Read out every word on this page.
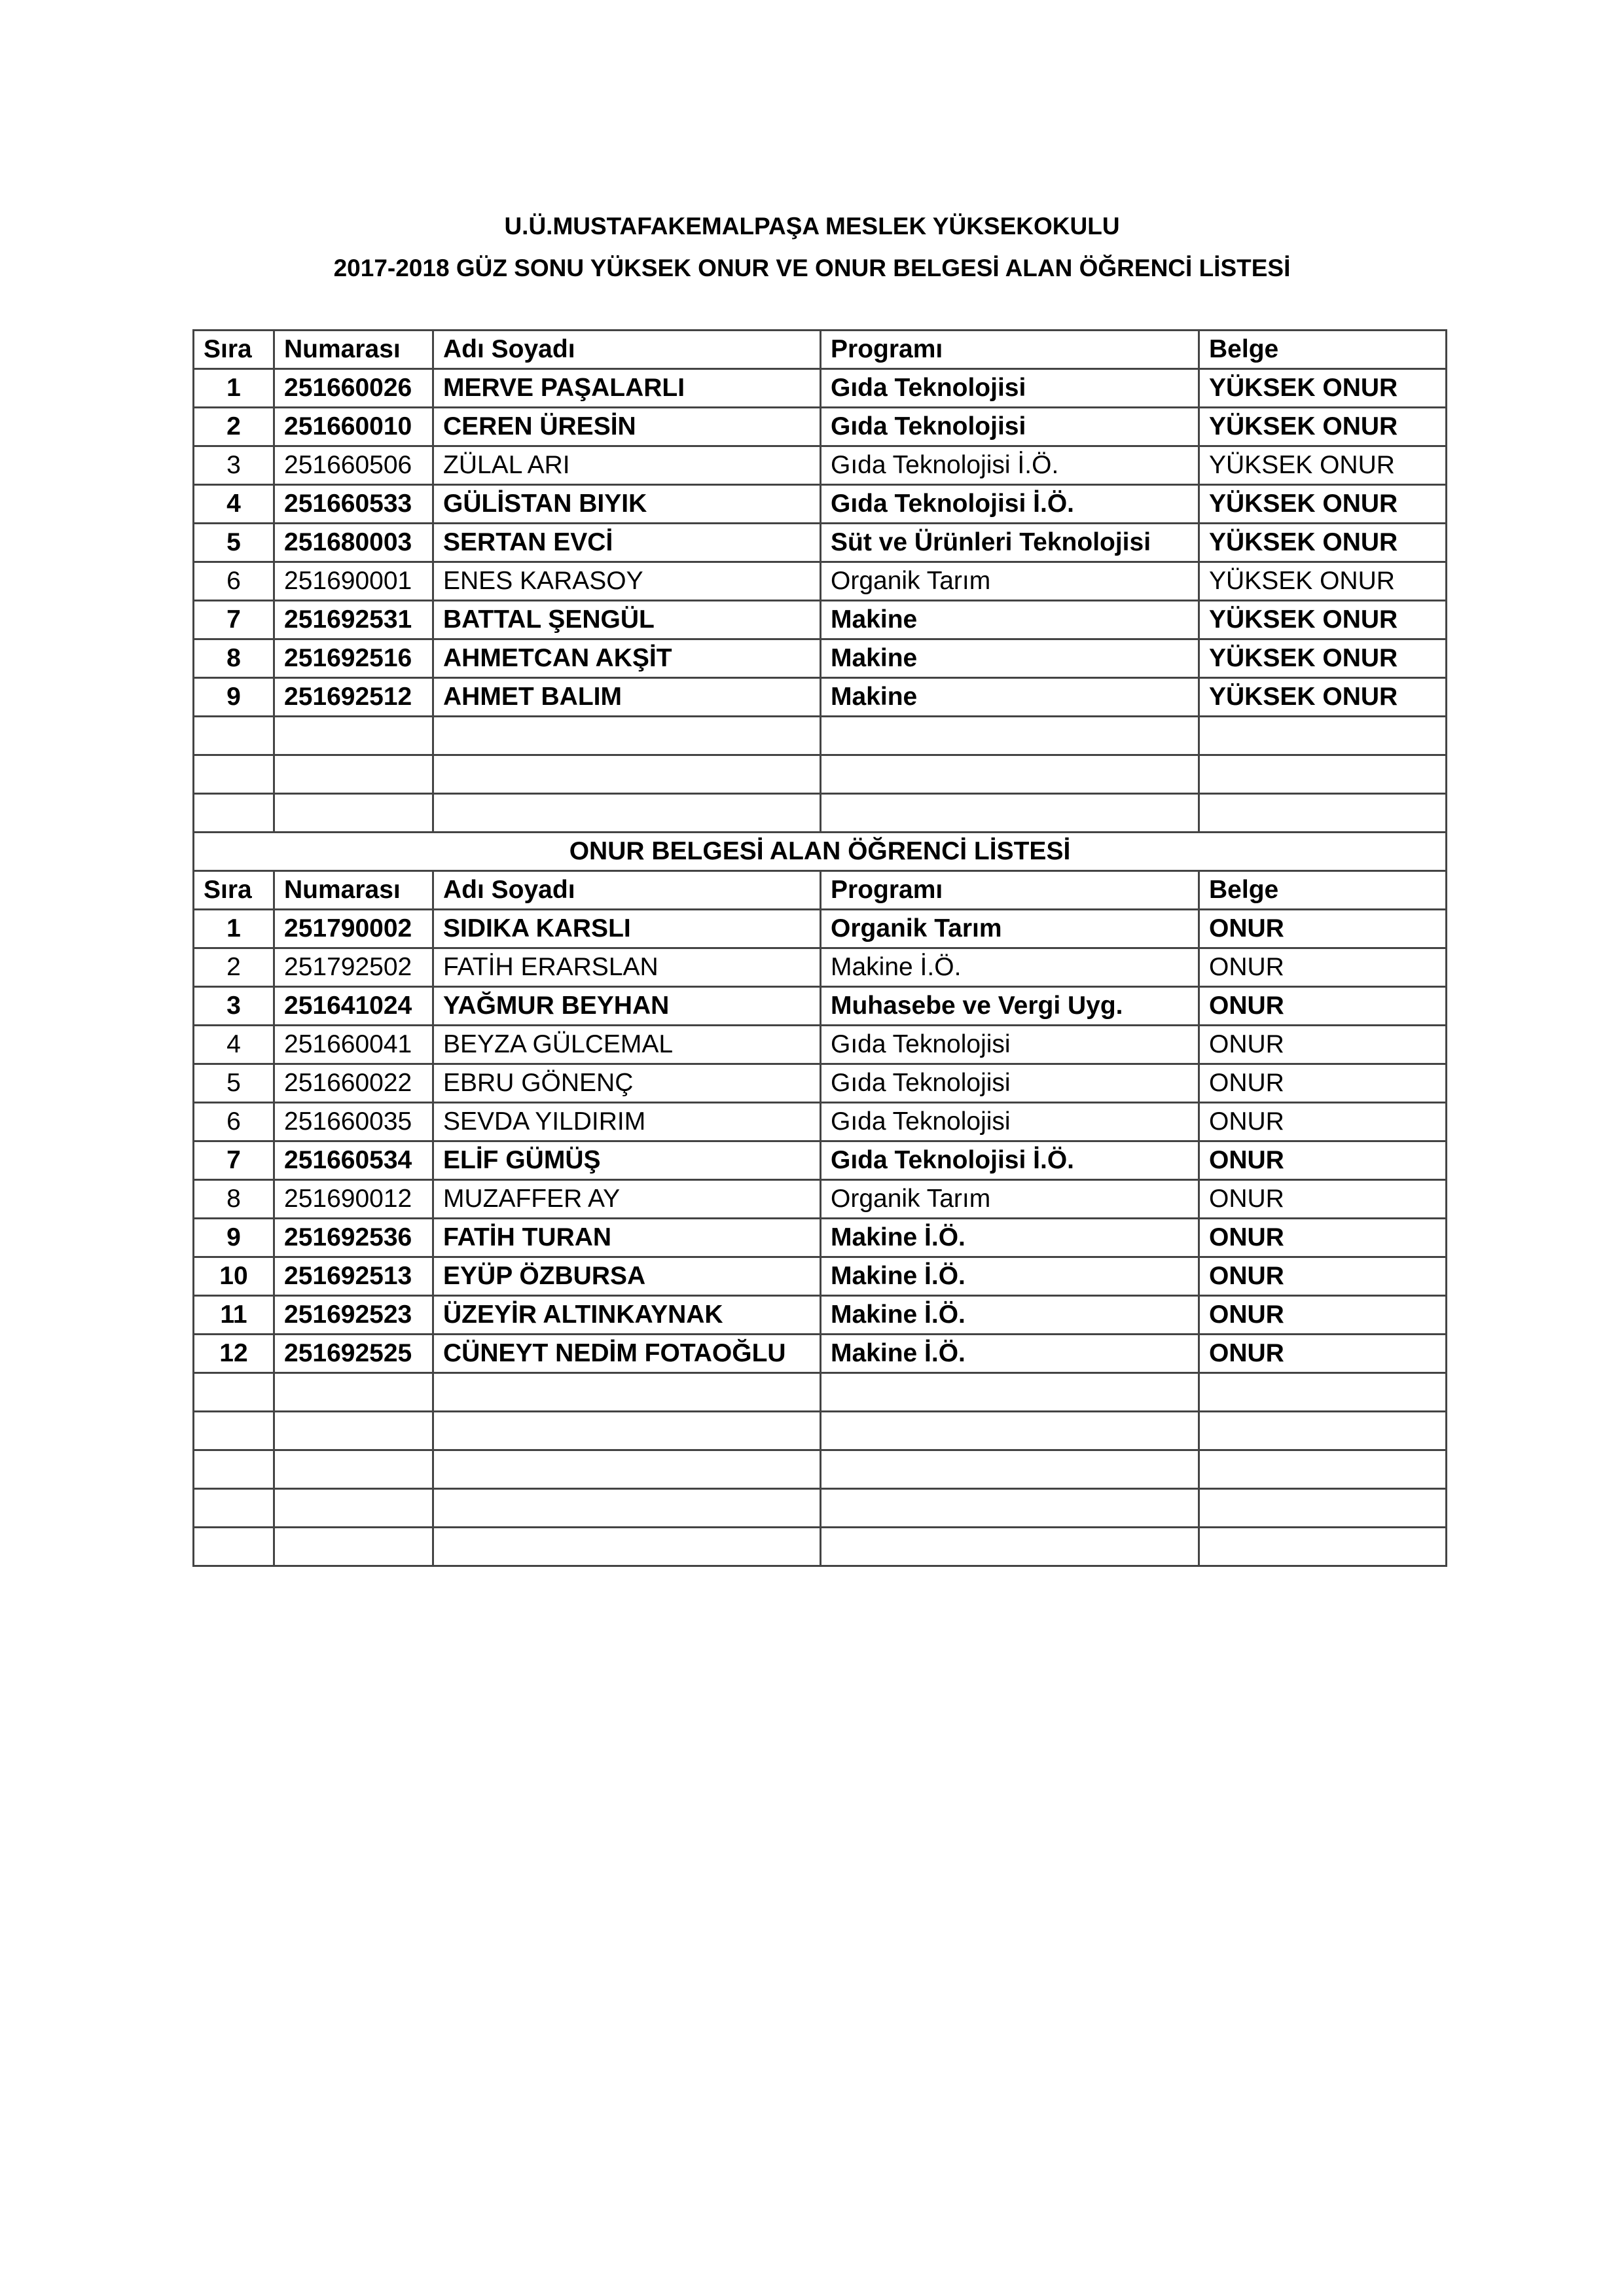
U.Ü.MUSTAFAKEMALPAŞA MESLEK YÜKSEKOKULU
2017-2018 GÜZ SONU YÜKSEK ONUR VE ONUR BELGESİ ALAN ÖĞRENCİ LİSTESİ
Sıra	Numarası	Adı Soyadı	Programı	Belge
1	251660026	MERVE PAŞALARLI	Gıda Teknolojisi	YÜKSEK ONUR
2	251660010	CEREN ÜRESİN	Gıda Teknolojisi	YÜKSEK ONUR
3	251660506	ZÜLAL ARI	Gıda Teknolojisi İ.Ö.	YÜKSEK ONUR
4	251660533	GÜLİSTAN BIYIK	Gıda Teknolojisi İ.Ö.	YÜKSEK ONUR
5	251680003	SERTAN EVCİ	Süt ve Ürünleri Teknolojisi	YÜKSEK ONUR
6	251690001	ENES KARASOY	Organik Tarım	YÜKSEK ONUR
7	251692531	BATTAL ŞENGÜL	Makine	YÜKSEK ONUR
8	251692516	AHMETCAN AKŞİT	Makine	YÜKSEK ONUR
9	251692512	AHMET BALIM	Makine	YÜKSEK ONUR

ONUR BELGESİ ALAN ÖĞRENCİ LİSTESİ				
Sıra	Numarası	Adı Soyadı	Programı	Belge
1	251790002	SIDIKA KARSLI	Organik Tarım	ONUR
2	251792502	FATİH ERARSLAN	Makine İ.Ö.	ONUR
3	251641024	YAĞMUR BEYHAN	Muhasebe ve Vergi Uyg.	ONUR
4	251660041	BEYZA GÜLCEMAL	Gıda Teknolojisi	ONUR
5	251660022	EBRU GÖNENÇ	Gıda Teknolojisi	ONUR
6	251660035	SEVDA YILDIRIM	Gıda Teknolojisi	ONUR
7	251660534	ELİF GÜMÜŞ	Gıda Teknolojisi İ.Ö.	ONUR
8	251690012	MUZAFFER AY	Organik Tarım	ONUR
9	251692536	FATİH TURAN	Makine İ.Ö.	ONUR
10	251692513	EYÜP ÖZBURSA	Makine İ.Ö.	ONUR
11	251692523	ÜZEYİR ALTINKAYNAK	Makine İ.Ö.	ONUR
12	251692525	CÜNEYT NEDİM FOTAOĞLU	Makine İ.Ö.	ONUR
